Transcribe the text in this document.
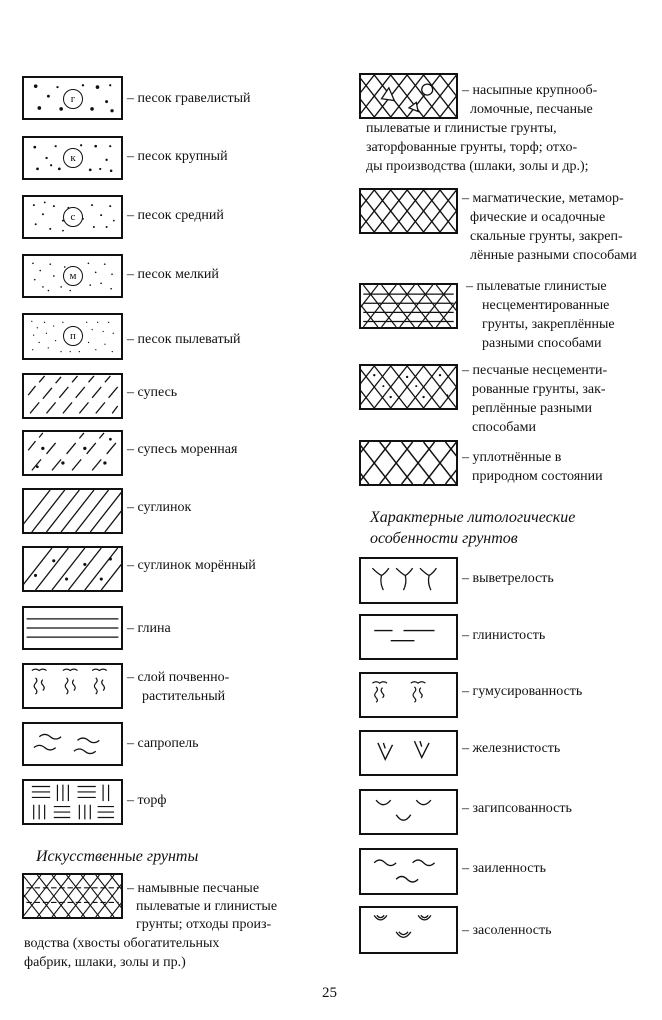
г	– песок гравелистый
к	– песок крупный
с	– песок средний
м	– песок мелкий
п	– песок пылеватый
– супесь
– супесь моренная
– суглинок
– суглинок морённый
– глина
– слой почвенно-
растительный
– сапропель
– торф
Искусственные грунты
– намывные песчаные
пылеватые и глинистые
грунты; отходы произ-
водства (хвосты обогатительных
фабрик, шлаки, золы и пр.)
– насыпные крупнооб-
ломочные, песчаные
пылеватые и глинистые грунты,
заторфованные грунты, торф; отхо-
ды производства (шлаки, золы и др.);
– магматические, метамор-
фические и осадочные
скальные грунты, закреп-
лённые разными способами
– пылеватые глинистые
несцементированные
грунты, закреплённые
разными способами
– песчаные несцементи-
рованные грунты, зак-
реплённые разными
способами
– уплотнённые в
природном состоянии
Характерные литологические
особенности грунтов
– выветрелость
– глинистость
– гумусированность
– железнистость
– загипсованность
– заиленность
– засоленность
25
